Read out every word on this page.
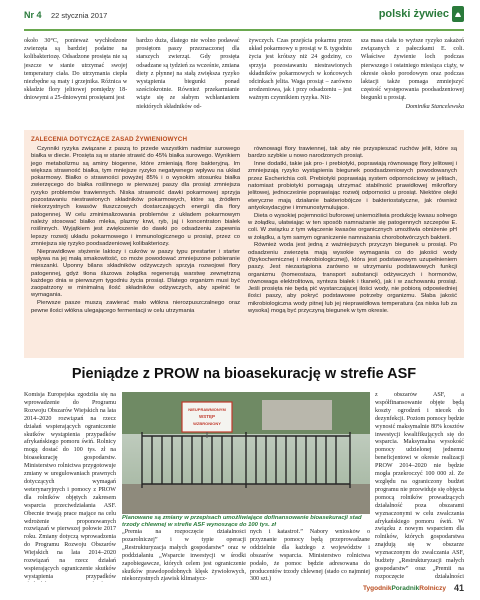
Nr 4 22 stycznia 2017	polski żywiec
około 30°C, ponieważ wychłodzone zwierzęta są bardziej podatne na kolibakteriozę. Odsadzone prosięta nie są jeszcze w stanie utrzymać swojej temperatury ciała. Do utrzymania ciepła niezbędne są maty i grzejnika. Różnica w składzie flory jelitowej pomiędzy 18-dniowymi a 25-dniowymi prosiętami jest
bardzo duża, dlatego nie wolno podawać prosiętom paszy przeznaczonej dla starszych zwierząt. Gdy prosięta odsadzane są tydzień za wcześnie, zmiana diety z płynnej na stałą zwiększa ryzyko wystąpienia biegunki ponad sześciokrotnie. Również przekarmianie wiąże się ze słabym wchłanianiem niektórych składników od-
żywczych. Czas przejścia pokarmu przez układ pokarmowy u prosiąt w 8. tygodniu życia jest krótszy niż 24 godziny, co sprzyja pozostawaniu niestrawionych składników pokarmowych w końcowych odcinkach jelita. Waga prosiąt – zarówno urodzeniowa, jak i przy odsadzeniu – jest ważnym czynnikiem ryzyka. Niż-
sza masa ciała to wyższe ryzyko zakażeń związanych z pałeczkami E. coli. Właściwe żywienie loch podczas pierwszego i ostatniego miesiąca ciąży, w okresie około porodowym oraz podczas laktacji także pomaga zmniejszyć częstość występowania poodsadzeniowej biegunki u prosiąt.
Dominika Stancelewska
ZALECENIA DOTYCZĄCE ZASAD ŻYWIENIOWYCH

Czynniki ryzyka związane z paszą to przede wszystkim nadmiar surowego białka w diecie. Prosięta są w stanie strawić do 45% białka surowego. Wynikiem jego metabolizmu są aminy biogenne, które zmieniają florę bakteryjną. Im większa strawność białka, tym mniejsze ryzyko negatywnego wpływu na układ pokarmowy. Białko o strawności powyżej 85% i o wysokim stosunku białka zwierzęcego do białka roślinnego w pierwszej paszy dla prosiąt zmniejsza ryzyko problemów trawiennych. Niska strawność dawki pokarmowej sprzyja pozostawaniu niestrawionych składników pokarmowych, które są źródłem niekorzystnych kwasów tłuszczowych dostarczających energii dla flory patogennej. W celu zminimalizowania problemów z układem pokarmowym należy stosować białko mleka, plazmy krwi, ryb, jaj i koncentraton białek roślinnych. Wyjątkiem jest zwiększenie do dawki po odsadzeniu zapewnia lepszy rozwój układu pokarmowego i immunologicznego u prosiąt, przez co zmniejsza się ryzyko poodsadzeniowej kolibakteriozy.

Nieprawidłowe stężenie laktozy i cukrów w paszy typu prestarter i starter wpływa na jej małą smakowitość, co może powodować zmniejszone pobieranie mieszanki. Uponny bilans składników odżywczych sprzyja rozwojowi flory patogennej, gdyż tłona śluzowa żołądka regenerują warstwę zewnętrzną każdego dnia w pierwszym tygodniu życia prosiąt. Dlatego organizm musi być zaopatrzony w minimalną ilość składników odżywczych, aby spełnić te wymagania.

Pierwsze pasze muszą zawierać mało włókna nierozpuszczalnego oraz pewne ilości włókna ulegającego fermentacji w celu utrzymania

równowagi flory trawiennej, tak aby nie przyspieszać ruchów jelit, które są bardzo szybkie u nowo narodzonych prosiąt.

Inne dodatki, takie jak pro- i prebiotyki, poprawiają równowagę flory jelitowej i zmniejszają ryzyko wystąpienia biegunek poodsadzeniowych powodowanych przez Escherichia coli. Prebiotyki poprawiają system odpornościowy w jelitach, natomiast probiotyki pomagają utrzymać stabilność prawidłowej mikroflory jelitowej, jednocześnie poprawiając rozwój odporności u prosiąt. Niektóre olejki eteryczne mają działanie bakteriobójcze i bakteriostatyczne, jak również antyoksydacyjne i immunostymulujące.

Dieta o wysokiej pojemności buforowej uniemożliwia produkcję kwasu solnego w żołądku, ułatwiając w ten sposób namnażanie się patogennych szczepów E. coli. W związku z tym włączenie kwasów organicznych umożliwia obniżenie pH w żołądku, a tym samym ograniczenie namnażania chorobotwórczych bakterii.

Również woda jest jedną z ważniejszych przyczyn biegunek u prosiąt. Po odsadzeniu zwierzęta mają wysokie wymagania co do jakości wody (fizykochemicznej i mikrobiologicznej), która jest podstawowym uzupełnieniem paszy. Jest niezastąpiona zarówno w utrzymaniu podstawowych funkcji organizmu (homeostaza, transport substancji odżywczych i hormonów, równowaga elektrolitowa, synteza białek i tkanek), jak i w zachowaniu prosiąt. Jeśli prosięta nie będą pić wystarczającej ilości wody, nie pobiorą odpowiedniej ilości paszy, aby pokryć podstawowe potrzeby organizmu. Słaba jakość mikrobiologiczna wody pitnej lub jej nieprawidłowa temperatura (za niska lub za wysoka) mogą być przyczyną biegunek w tym okresie.

Pieniądze z PROW na bioasekurację w strefie ASF
Komisja Europejska zgodziła się na wprowadzenie do Programu Rozwoju Obszarów Wiejskich na lata 2014–2020 rozwiązań na rzecz działań wspierających ograniczenie skutków wystąpienia przypadków afrykańskiego pomoru świń. Rolnicy mogą dostać do 100 tys. zł na bioasekurację gospodarstw. Ministerstwo rolnictwa przygotowuje zmiany w uregulowaniach prawnych dotyczących wymagań weterynaryjnych i pomocy z PROW dla rolników objętych zakresem wsparcia przeciwdziałania ASF. Obecnie trwają prace mające na celu wdrożenie proponowanych rozwiązań w pierwszej połowie 2017 roku. Zmiany dotyczą wprowadzenia do Programu Rozwoju Obszarów Wiejskich na lata 2014–2020 rozwiązań na rzecz działań wspierających ograniczenie skutków wystąpienia przypadków
NIEUPRAWNIONYM
WSTĘP
WZBRONIONY
Planowane są zmiany w przepisach umożliwiające dofinansowanie bioasekuracji stad trzody chlewnej w strefie ASF wynoszące do 100 tys. zł
„Premia na rozpoczęcie działalności pozarolniczej” i w typie operacji „Restrukturyzacja małych gospodarstw” oraz w poddziałaniu „Wsparcie inwestycji w środki zapobiegawcze, których celem jest ograniczenie skutków prawdopodobnych klęsk żywiołowych, niekorzystnych zjawisk klimatycz-
nych i katastrof.” Nabory wniosków o przyznanie pomocy będą przeprowadzane oddzielnie dla każdego z województw i obszarów wsparcia. Ministerstwo rolnictwa podało, że pomoc będzie adresowana do producentów trzody chlewnej (stado co najmniej 300 szt.)
z obszarów ASF, a współfinansowanie objęte będą koszty ogrodzeń i niecek do dezynfekcji. Poziom pomocy będzie wynosić maksymalnie 80% kosztów inwestycji kwalifikujących się do wsparcia. Maksymalna wysokość pomocy udzielonej jednemu beneficjentowi w okresie realizacji PROW 2014–2020 nie będzie mogła przekroczyć 100 000 zł. Ze względu na ograniczony budżet programu nie przewiduje się objęcia pomocą rolników prowadzących działalność poza obszarami wyznaczonymi w celu zwalczania afrykańskiego pomoru świń. W związku z nowym wsparciem dla rolników, których gospodarstwa znajdują się w obszarze wyznaczonym do zwalczania ASF, budżety „Restrukturyzacji małych gospodarstw” oraz „Premii na rozpoczęcie działalności
TygodnikPoradnikRolniczy 41
